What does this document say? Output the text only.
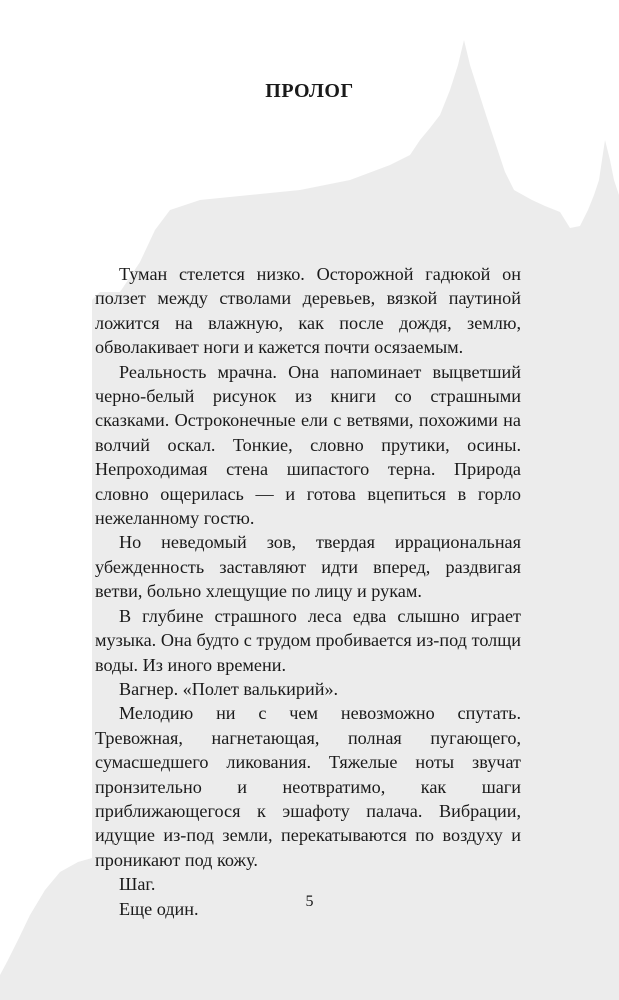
ПРОЛОГ

Туман стелется низко. Осторожной гадюкой он ползет между стволами деревьев, вязкой паутиной ложится на влажную, как после дождя, землю, обволакивает ноги и кажется почти осязаемым.

Реальность мрачна. Она напоминает выцветший черно-белый рисунок из книги со страшными сказками. Остроконечные ели с ветвями, похожими на волчий оскал. Тонкие, словно прутики, осины. Непроходимая стена шипастого терна. Природа словно ощерилась — и готова вцепиться в горло нежеланному гостю.

Но неведомый зов, твердая иррациональная убежденность заставляют идти вперед, раздвигая ветви, больно хлещущие по лицу и рукам.

В глубине страшного леса едва слышно играет музыка. Она будто с трудом пробивается из-под толщи воды. Из иного времени.

Вагнер. «Полет валькирий».

Мелодию ни с чем невозможно спутать. Тревожная, нагнетающая, полная пугающего, сумасшедшего ликования. Тяжелые ноты звучат пронзительно и неотвратимо, как шаги приближающегося к эшафоту палача. Вибрации, идущие из-под земли, перекатываются по воздуху и проникают под кожу.

Шаг.

Еще один.	5
